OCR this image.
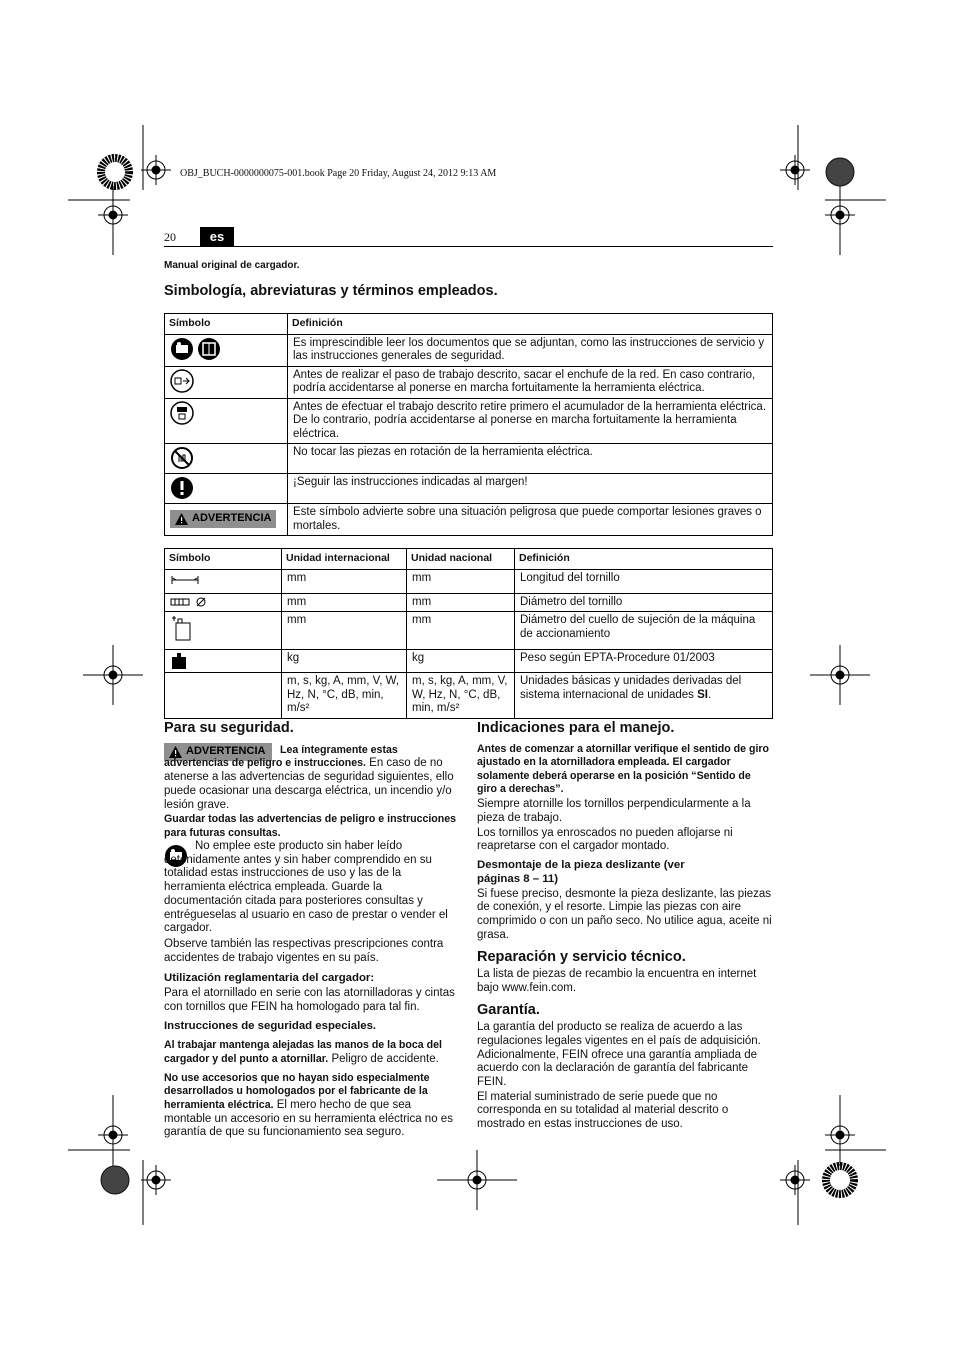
OBJ_BUCH-0000000075-001.book Page 20 Friday, August 24, 2012 9:13 AM
20	es
Manual original de cargador.
Simbología, abreviaturas y términos empleados.
Símbolo	Definición
	Es imprescindible leer los documentos que se adjuntan, como las instrucciones de servicio y las instrucciones generales de seguridad.
	Antes de realizar el paso de trabajo descrito, sacar el enchufe de la red. En caso contrario, podría accidentarse al ponerse en marcha fortuitamente la herramienta eléctrica.
	Antes de efectuar el trabajo descrito retire primero el acumulador de la herramienta eléctrica. De lo contrario, podría accidentarse al ponerse en marcha fortuitamente la herramienta eléctrica.
	No tocar las piezas en rotación de la herramienta eléctrica.
	¡Seguir las instrucciones indicadas al margen!

ADVERTENCIA	Este símbolo advierte sobre una situación peligrosa que puede comportar lesiones graves o mortales.
Símbolo	Unidad internacional	Unidad nacional	Definición
	mm	mm	Longitud del tornillo
	mm	mm	Diámetro del tornillo
	mm	mm	Diámetro del cuello de sujeción de la máquina de accionamiento
	kg	kg	Peso según EPTA-Procedure 01/2003
	m, s, kg, A, mm, V, W, Hz, N, °C, dB, min, m/s²	m, s, kg, A, mm, V, W, Hz, N, °C, dB, min, m/s²	Unidades básicas y unidades derivadas del sistema internacional de unidades SI.
Para su seguridad.
ADVERTENCIA	Lea íntegramente estas advertencias de peligro e instrucciones. En caso de no atenerse a las advertencias de seguridad siguientes, ello puede ocasionar una descarga eléctrica, un incendio y/o lesión grave.

Guardar todas las advertencias de peligro e instrucciones para futuras consultas.

No emplee este producto sin haber leído detenidamente antes y sin haber comprendido en su totalidad estas instrucciones de uso y las de la herramienta eléctrica empleada. Guarde la documentación citada para posteriores consultas y entrégueselas al usuario en caso de prestar o vender el cargador.

Observe también las respectivas prescripciones contra accidentes de trabajo vigentes en su país.

Utilización reglamentaria del cargador:

Para el atornillado en serie con las atornilladoras y cintas con tornillos que FEIN ha homologado para tal fin.

Instrucciones de seguridad especiales.

Al trabajar mantenga alejadas las manos de la boca del cargador y del punto a atornillar. Peligro de accidente.

No use accesorios que no hayan sido especialmente desarrollados u homologados por el fabricante de la herramienta eléctrica. El mero hecho de que sea montable un accesorio en su herramienta eléctrica no es garantía de que su funcionamiento sea seguro.

Indicaciones para el manejo.

Antes de comenzar a atornillar verifique el sentido de giro ajustado en la atornilladora empleada. El cargador solamente deberá operarse en la posición “Sentido de giro a derechas”.

Siempre atornille los tornillos perpendicularmente a la pieza de trabajo.

Los tornillos ya enroscados no pueden aflojarse ni reapretarse con el cargador montado.

Desmontaje de la pieza deslizante (ver páginas 8 – 11)

Si fuese preciso, desmonte la pieza deslizante, las piezas de conexión, y el resorte. Limpie las piezas con aire comprimido o con un paño seco. No utilice agua, aceite ni grasa.

Reparación y servicio técnico.

La lista de piezas de recambio la encuentra en internet bajo www.fein.com.

Garantía.

La garantía del producto se realiza de acuerdo a las regulaciones legales vigentes en el país de adquisición. Adicionalmente, FEIN ofrece una garantía ampliada de acuerdo con la declaración de garantía del fabricante FEIN.

El material suministrado de serie puede que no corresponda en su totalidad al material descrito o mostrado en estas instrucciones de uso.
